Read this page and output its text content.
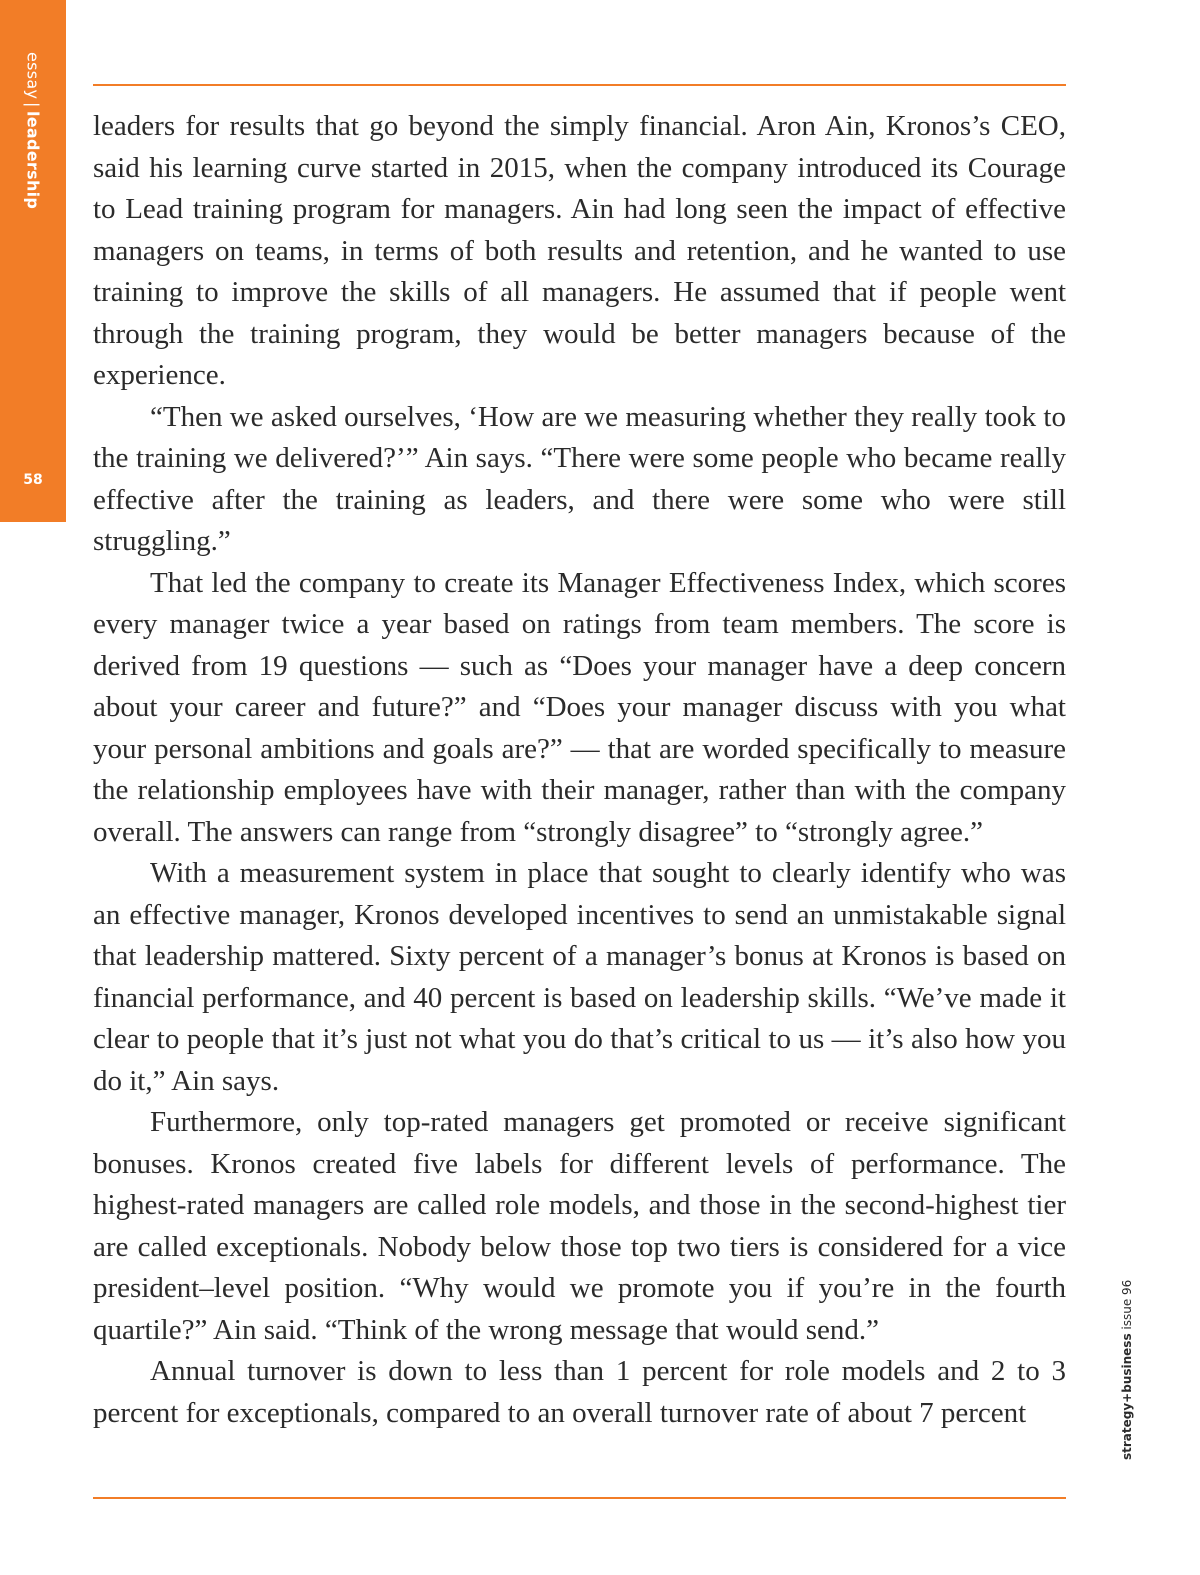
essay|leadership
58

leaders for results that go beyond the simply financial. Aron Ain, Kronos’s CEO, said his learning curve started in 2015, when the company introduced its Courage to Lead training program for managers. Ain had long seen the impact of effective managers on teams, in terms of both results and retention, and he wanted to use training to improve the skills of all managers. He assumed that if people went through the training program, they would be better managers because of the experience.

“Then we asked ourselves, ‘How are we measuring whether they really took to the training we delivered?’” Ain says. “There were some people who became really effective after the training as leaders, and there were some who were still struggling.”

That led the company to create its Manager Effectiveness Index, which scores every manager twice a year based on ratings from team members. The score is derived from 19 questions — such as “Does your manager have a deep concern about your career and future?” and “Does your manager discuss with you what your personal ambitions and goals are?” — that are worded specifically to measure the relationship employees have with their manager, rather than with the company overall. The answers can range from “strongly disagree” to “strongly agree.”

With a measurement system in place that sought to clearly identify who was an effective manager, Kronos developed incentives to send an unmistakable signal that leadership mattered. Sixty percent of a manager’s bonus at Kronos is based on financial performance, and 40 percent is based on leadership skills. “We’ve made it clear to people that it’s just not what you do that’s critical to us — it’s also how you do it,” Ain says.

Furthermore, only top-rated managers get promoted or receive significant bonuses. Kronos created five labels for different levels of performance. The highest-rated managers are called role models, and those in the second-highest tier are called exceptionals. Nobody below those top two tiers is considered for a vice president–level position. “Why would we promote you if you’re in the fourth quartile?” Ain said. “Think of the wrong message that would send.”

Annual turnover is down to less than 1 percent for role models and 2 to 3 percent for exceptionals, compared to an overall turnover rate of about 7 percent	strategy+business issue 96
